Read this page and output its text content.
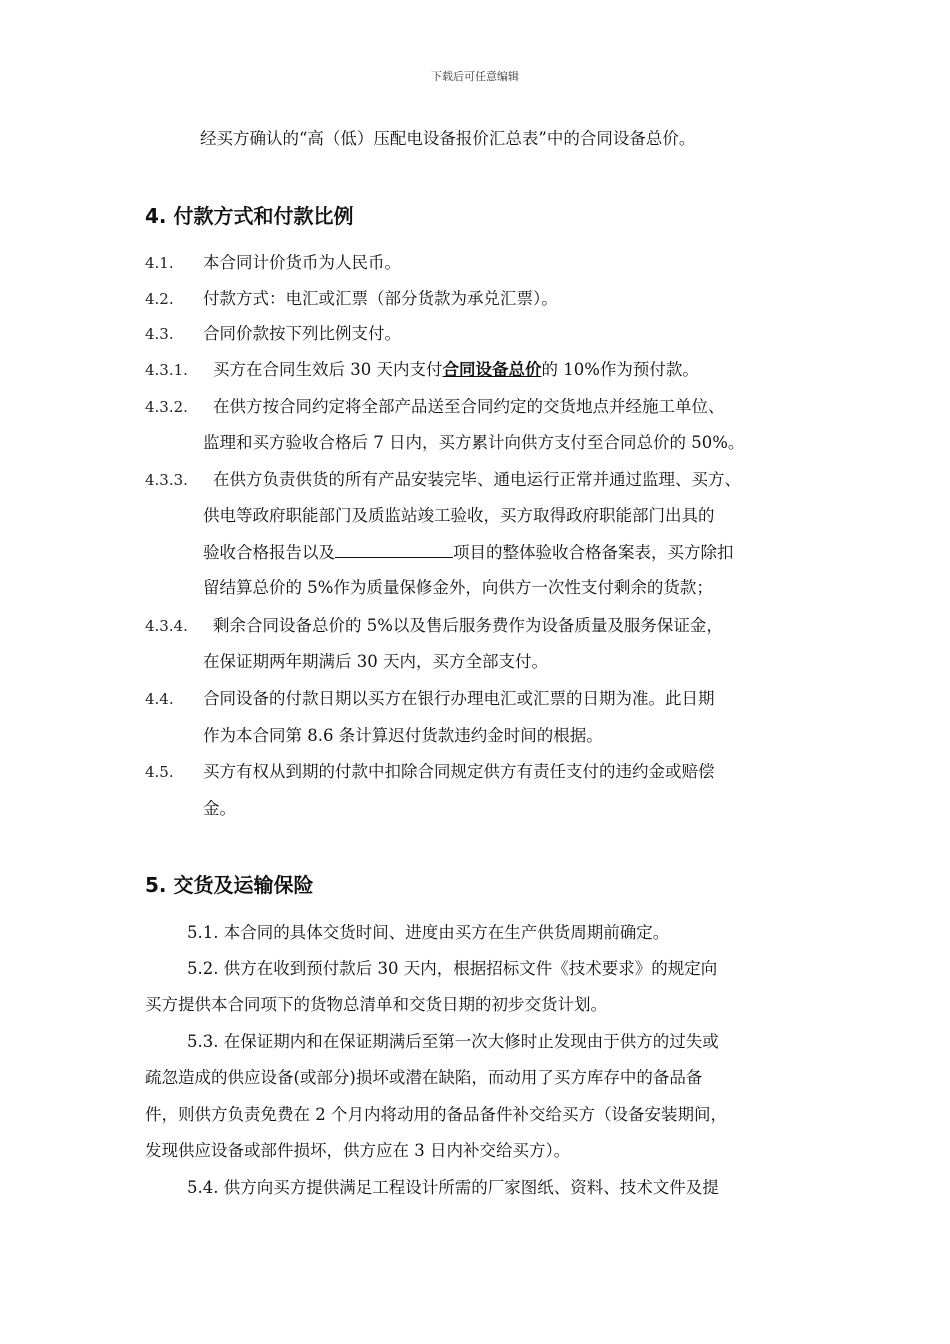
下载后可任意编辑
经买方确认的“高（低）压配电设备报价汇总表”中的合同设备总价。
4. 付款方式和付款比例
4.1. 本合同计价货币为人民币。
4.2. 付款方式：电汇或汇票（部分货款为承兑汇票）。
4.3. 合同价款按下列比例支付。
4.3.1. 买方在合同生效后 30 天内支付合同设备总价的 10%作为预付款。
4.3.2. 在供方按合同约定将全部产品送至合同约定的交货地点并经施工单位、
监理和买方验收合格后 7 日内，买方累计向供方支付至合同总价的 50%。
4.3.3. 在供方负责供货的所有产品安装完毕、通电运行正常并通过监理、买方、
供电等政府职能部门及质监站竣工验收，买方取得政府职能部门出具的
验收合格报告以及	项目的整体验收合格备案表，买方除扣
留结算总价的 5%作为质量保修金外，向供方一次性支付剩余的货款；
4.3.4. 剩余合同设备总价的 5%以及售后服务费作为设备质量及服务保证金，
在保证期两年期满后 30 天内，买方全部支付。
4.4. 合同设备的付款日期以买方在银行办理电汇或汇票的日期为准。此日期
作为本合同第 8.6 条计算迟付货款违约金时间的根据。
4.5. 买方有权从到期的付款中扣除合同规定供方有责任支付的违约金或赔偿
金。
5. 交货及运输保险
5.1. 本合同的具体交货时间、进度由买方在生产供货周期前确定。
5.2. 供方在收到预付款后 30 天内，根据招标文件《技术要求》的规定向
买方提供本合同项下的货物总清单和交货日期的初步交货计划。
5.3. 在保证期内和在保证期满后至第一次大修时止发现由于供方的过失或
疏忽造成的供应设备(或部分)损坏或潜在缺陷，而动用了买方库存中的备品备
件，则供方负责免费在 2 个月内将动用的备品备件补交给买方（设备安装期间，
发现供应设备或部件损坏，供方应在 3 日内补交给买方）。
5.4. 供方向买方提供满足工程设计所需的厂家图纸、资料、技术文件及提
